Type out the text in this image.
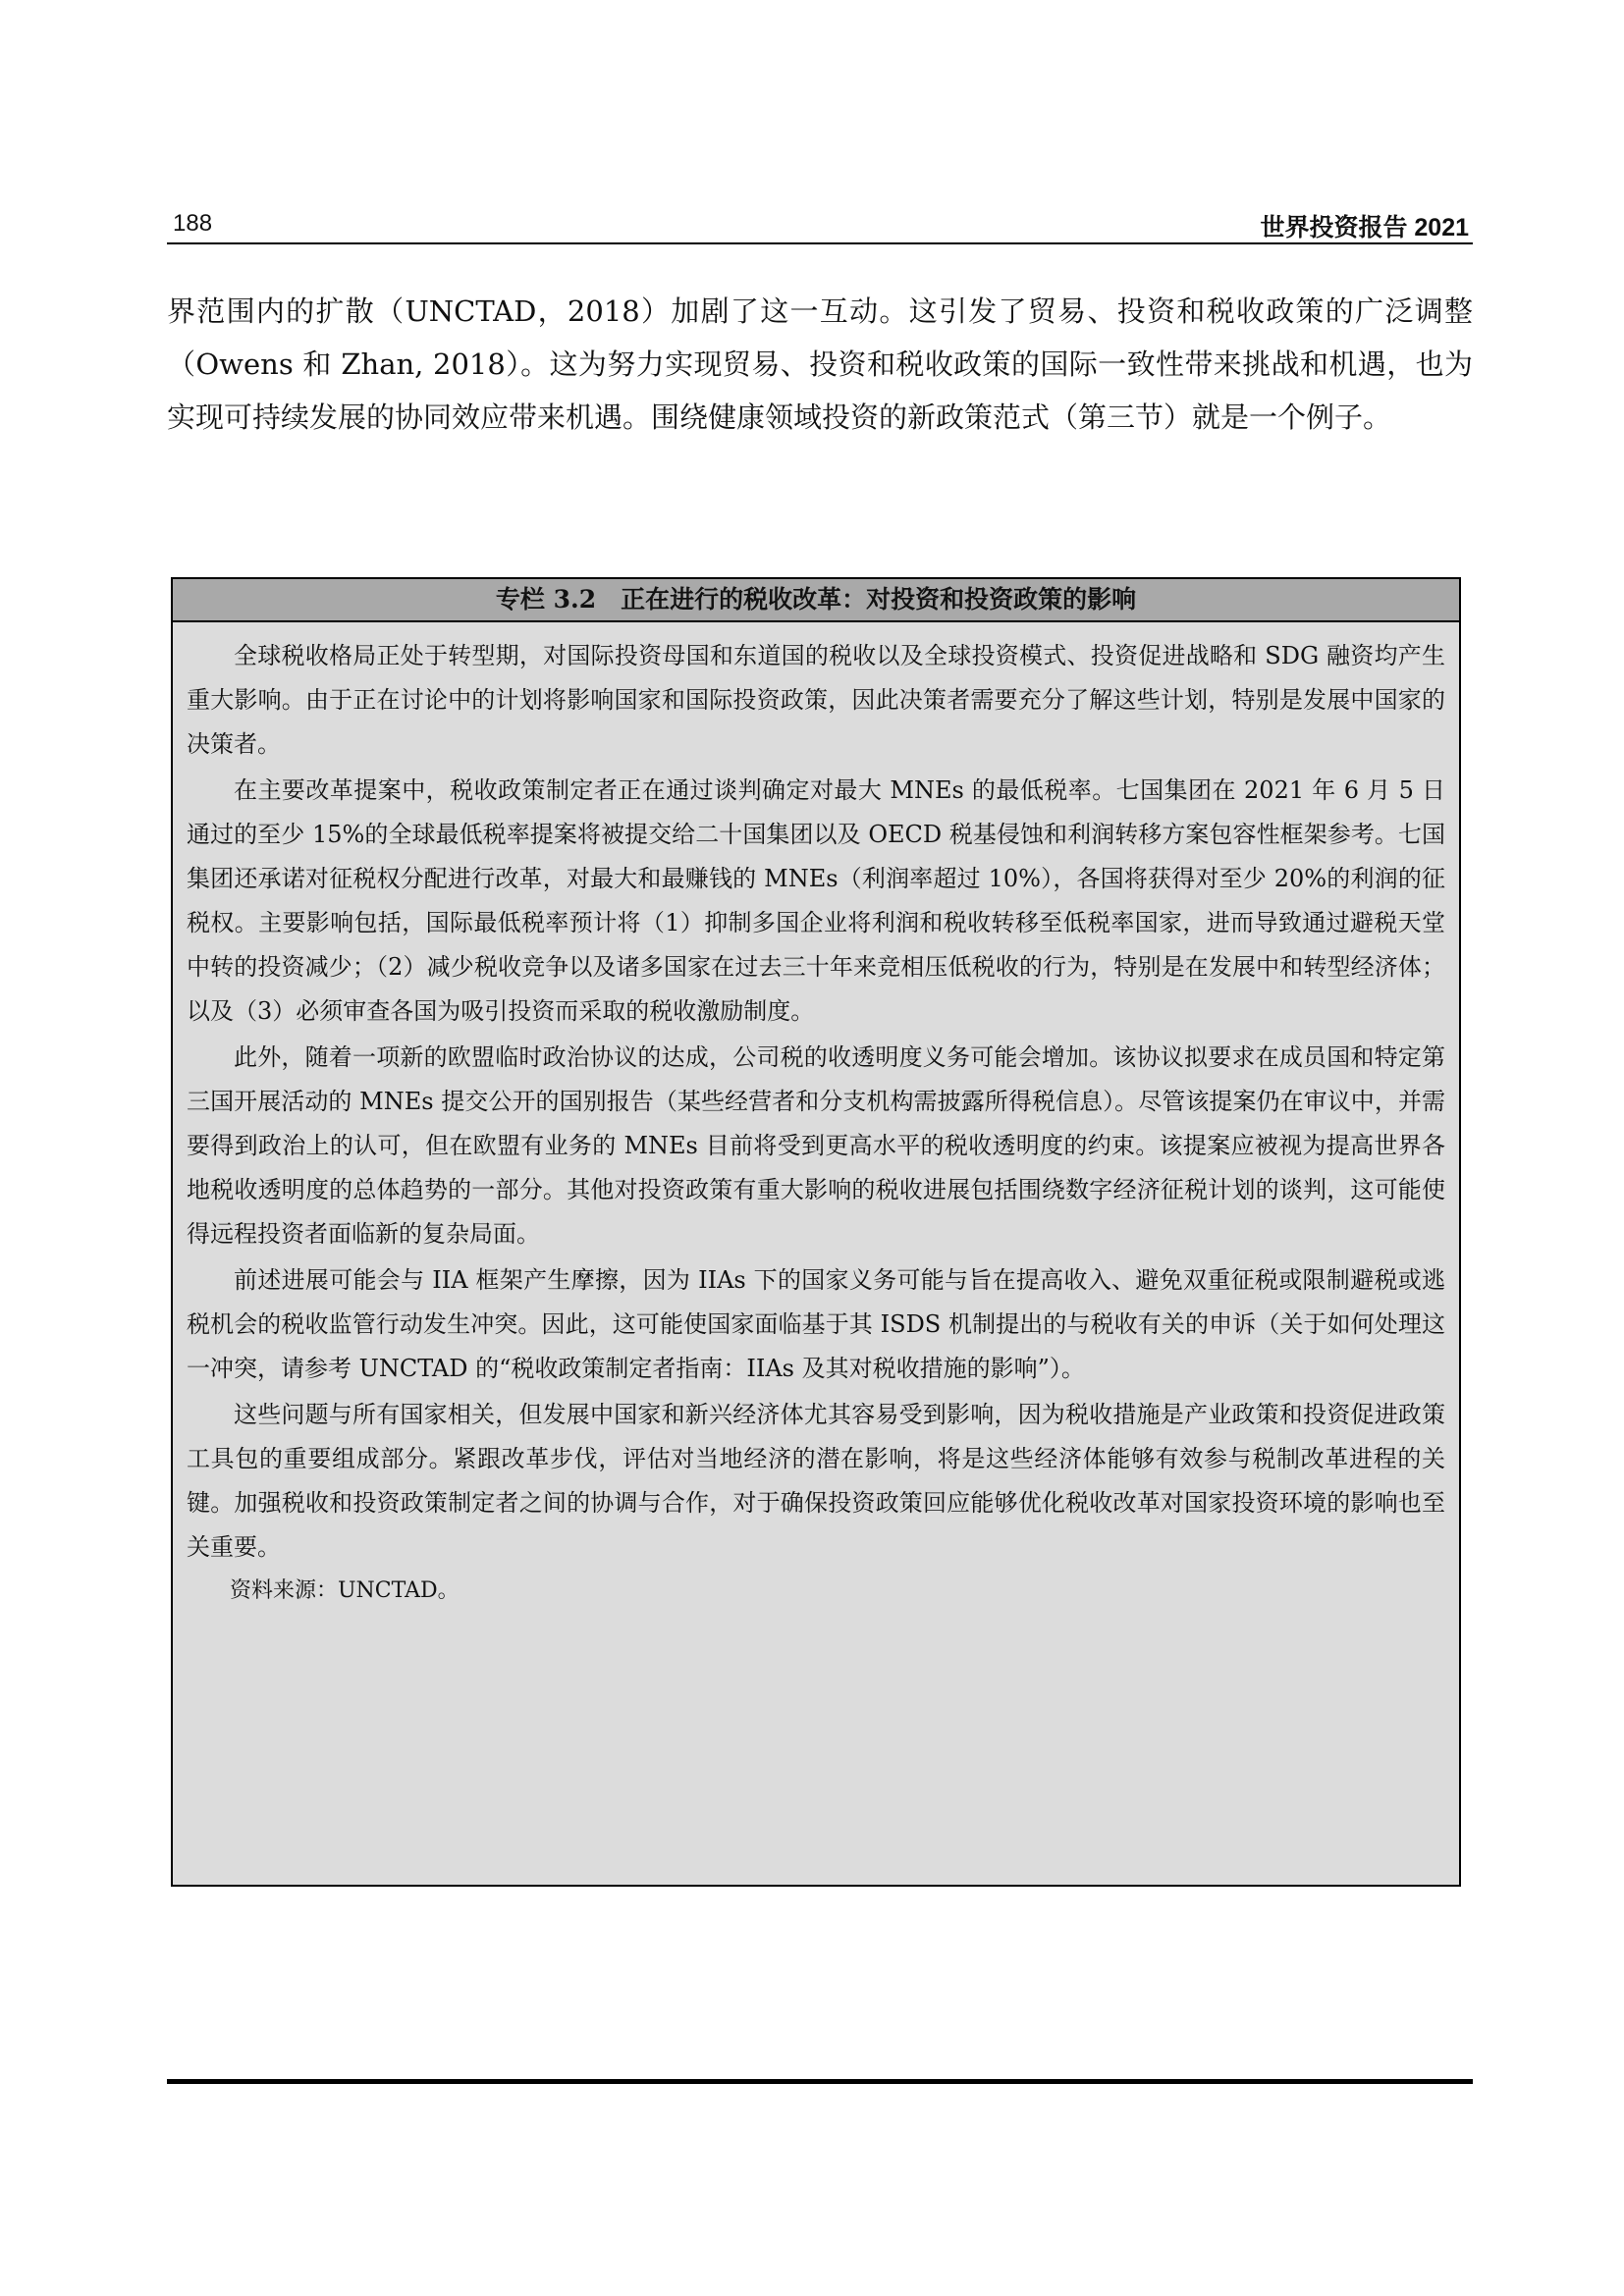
188	世界投资报告 2021
界范围内的扩散（UNCTAD，2018）加剧了这一互动。这引发了贸易、投资和税收政策的广泛调整（Owens 和 Zhan, 2018）。这为努力实现贸易、投资和税收政策的国际一致性带来挑战和机遇，也为实现可持续发展的协同效应带来机遇。围绕健康领域投资的新政策范式（第三节）就是一个例子。
专栏 3.2　正在进行的税收改革：对投资和投资政策的影响

全球税收格局正处于转型期，对国际投资母国和东道国的税收以及全球投资模式、投资促进战略和 SDG 融资均产生重大影响。由于正在讨论中的计划将影响国家和国际投资政策，因此决策者需要充分了解这些计划，特别是发展中国家的决策者。

在主要改革提案中，税收政策制定者正在通过谈判确定对最大 MNEs 的最低税率。七国集团在 2021 年 6 月 5 日通过的至少 15%的全球最低税率提案将被提交给二十国集团以及 OECD 税基侵蚀和利润转移方案包容性框架参考。七国集团还承诺对征税权分配进行改革，对最大和最赚钱的 MNEs（利润率超过 10%），各国将获得对至少 20%的利润的征税权。主要影响包括，国际最低税率预计将（1）抑制多国企业将利润和税收转移至低税率国家，进而导致通过避税天堂中转的投资减少；（2）减少税收竞争以及诸多国家在过去三十年来竞相压低税收的行为，特别是在发展中和转型经济体；以及（3）必须审查各国为吸引投资而采取的税收激励制度。

此外，随着一项新的欧盟临时政治协议的达成，公司税的收透明度义务可能会增加。该协议拟要求在成员国和特定第三国开展活动的 MNEs 提交公开的国别报告（某些经营者和分支机构需披露所得税信息）。尽管该提案仍在审议中，并需要得到政治上的认可，但在欧盟有业务的 MNEs 目前将受到更高水平的税收透明度的约束。该提案应被视为提高世界各地税收透明度的总体趋势的一部分。其他对投资政策有重大影响的税收进展包括围绕数字经济征税计划的谈判，这可能使得远程投资者面临新的复杂局面。

前述进展可能会与 IIA 框架产生摩擦，因为 IIAs 下的国家义务可能与旨在提高收入、避免双重征税或限制避税或逃税机会的税收监管行动发生冲突。因此，这可能使国家面临基于其 ISDS 机制提出的与税收有关的申诉（关于如何处理这一冲突，请参考 UNCTAD 的“税收政策制定者指南：IIAs 及其对税收措施的影响”）。

这些问题与所有国家相关，但发展中国家和新兴经济体尤其容易受到影响，因为税收措施是产业政策和投资促进政策工具包的重要组成部分。紧跟改革步伐，评估对当地经济的潜在影响，将是这些经济体能够有效参与税制改革进程的关键。加强税收和投资政策制定者之间的协调与合作，对于确保投资政策回应能够优化税收改革对国家投资环境的影响也至关重要。

资料来源：UNCTAD。
